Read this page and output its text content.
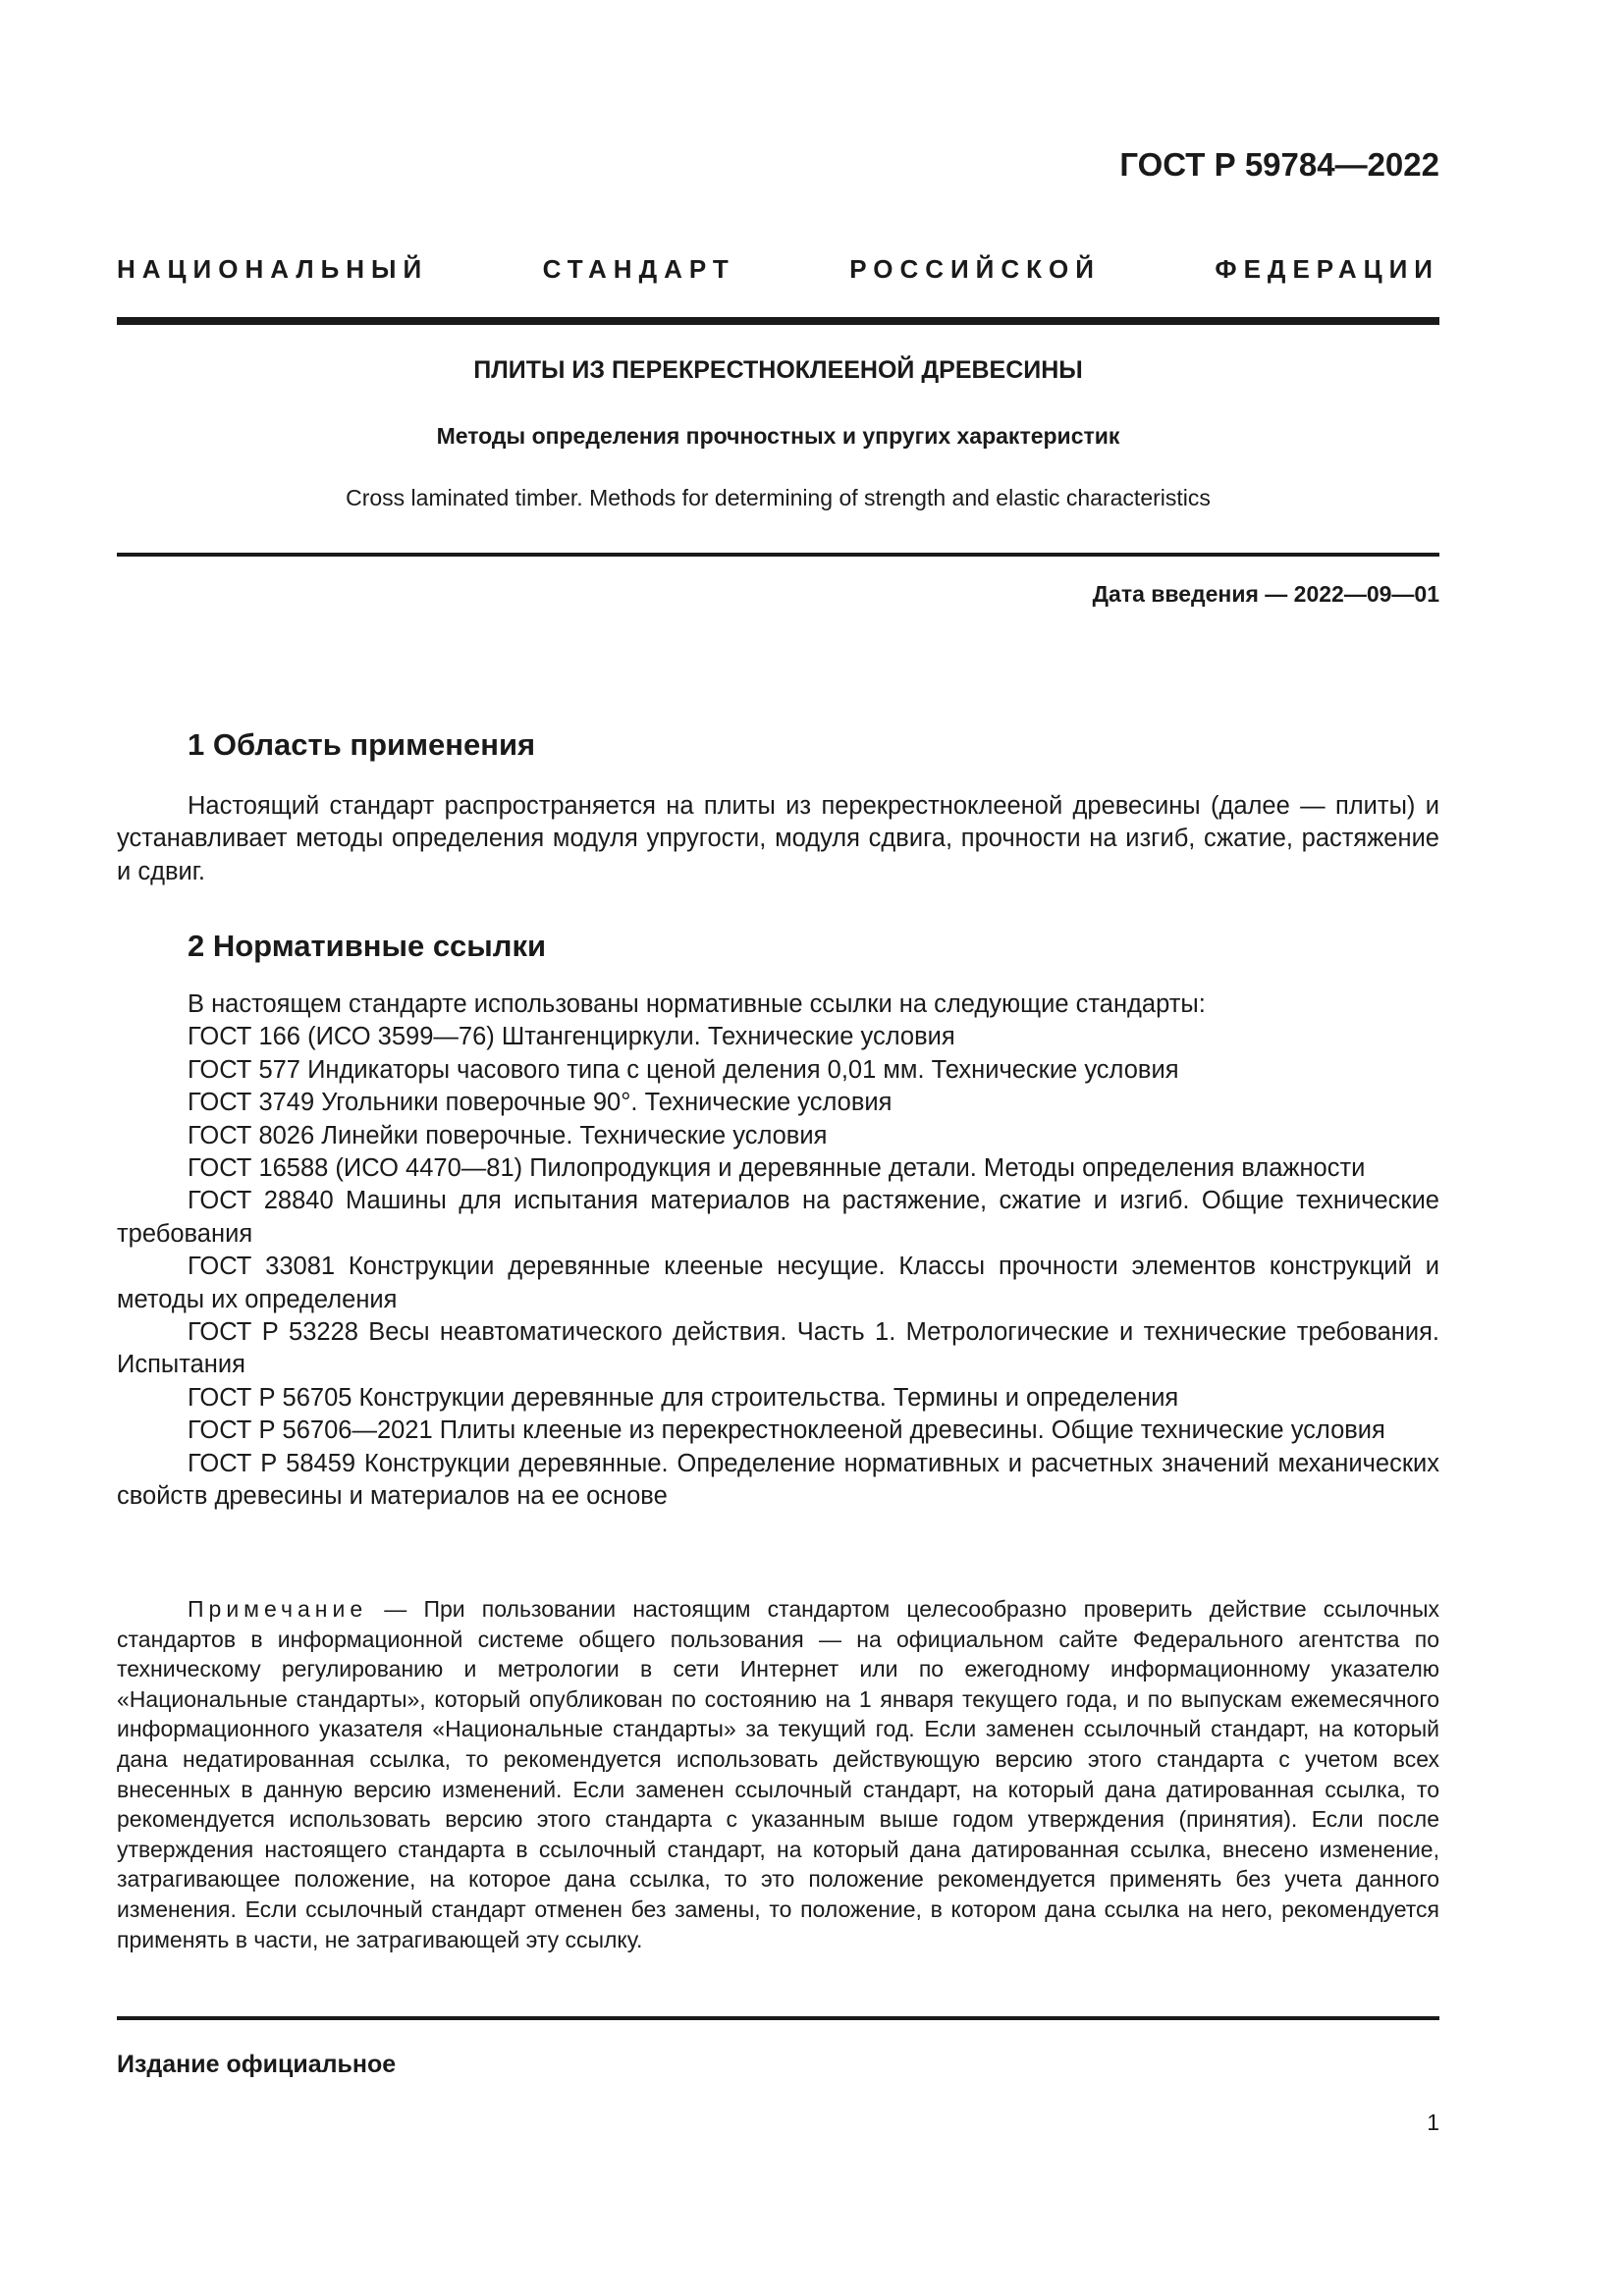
ГОСТ Р 59784—2022
НАЦИОНАЛЬНЫЙ СТАНДАРТ РОССИЙСКОЙ ФЕДЕРАЦИИ
ПЛИТЫ ИЗ ПЕРЕКРЕСТНОКЛЕЕНОЙ ДРЕВЕСИНЫ
Методы определения прочностных и упругих характеристик
Cross laminated timber. Methods for determining of strength and elastic characteristics
Дата введения — 2022—09—01
1 Область применения

Настоящий стандарт распространяется на плиты из перекрестноклееной древесины (далее — плиты) и устанавливает методы определения модуля упругости, модуля сдвига, прочности на изгиб, сжатие, растяжение и сдвиг.

2 Нормативные ссылки
В настоящем стандарте использованы нормативные ссылки на следующие стандарты:
ГОСТ 166 (ИСО 3599—76) Штангенциркули. Технические условия
ГОСТ 577 Индикаторы часового типа с ценой деления 0,01 мм. Технические условия
ГОСТ 3749 Угольники поверочные 90°. Технические условия
ГОСТ 8026 Линейки поверочные. Технические условия
ГОСТ 16588 (ИСО 4470—81) Пилопродукция и деревянные детали. Методы определения влажности
ГОСТ 28840 Машины для испытания материалов на растяжение, сжатие и изгиб. Общие технические требования
ГОСТ 33081 Конструкции деревянные клееные несущие. Классы прочности элементов конструкций и методы их определения
ГОСТ Р 53228 Весы неавтоматического действия. Часть 1. Метрологические и технические требования. Испытания
ГОСТ Р 56705 Конструкции деревянные для строительства. Термины и определения
ГОСТ Р 56706—2021 Плиты клееные из перекрестноклееной древесины. Общие технические условия
ГОСТ Р 58459 Конструкции деревянные. Определение нормативных и расчетных значений механических свойств древесины и материалов на ее основе

Примечание — При пользовании настоящим стандартом целесообразно проверить действие ссылочных стандартов в информационной системе общего пользования — на официальном сайте Федерального агентства по техническому регулированию и метрологии в сети Интернет или по ежегодному информационному указателю «Национальные стандарты», который опубликован по состоянию на 1 января текущего года, и по выпускам ежемесячного информационного указателя «Национальные стандарты» за текущий год. Если заменен ссылочный стандарт, на который дана недатированная ссылка, то рекомендуется использовать действующую версию этого стандарта с учетом всех внесенных в данную версию изменений. Если заменен ссылочный стандарт, на который дана датированная ссылка, то рекомендуется использовать версию этого стандарта с указанным выше годом утверждения (принятия). Если после утверждения настоящего стандарта в ссылочный стандарт, на который дана датированная ссылка, внесено изменение, затрагивающее положение, на которое дана ссылка, то это положение рекомендуется применять без учета данного изменения. Если ссылочный стандарт отменен без замены, то положение, в котором дана ссылка на него, рекомендуется применять в части, не затрагивающей эту ссылку.

Издание официальное
1
